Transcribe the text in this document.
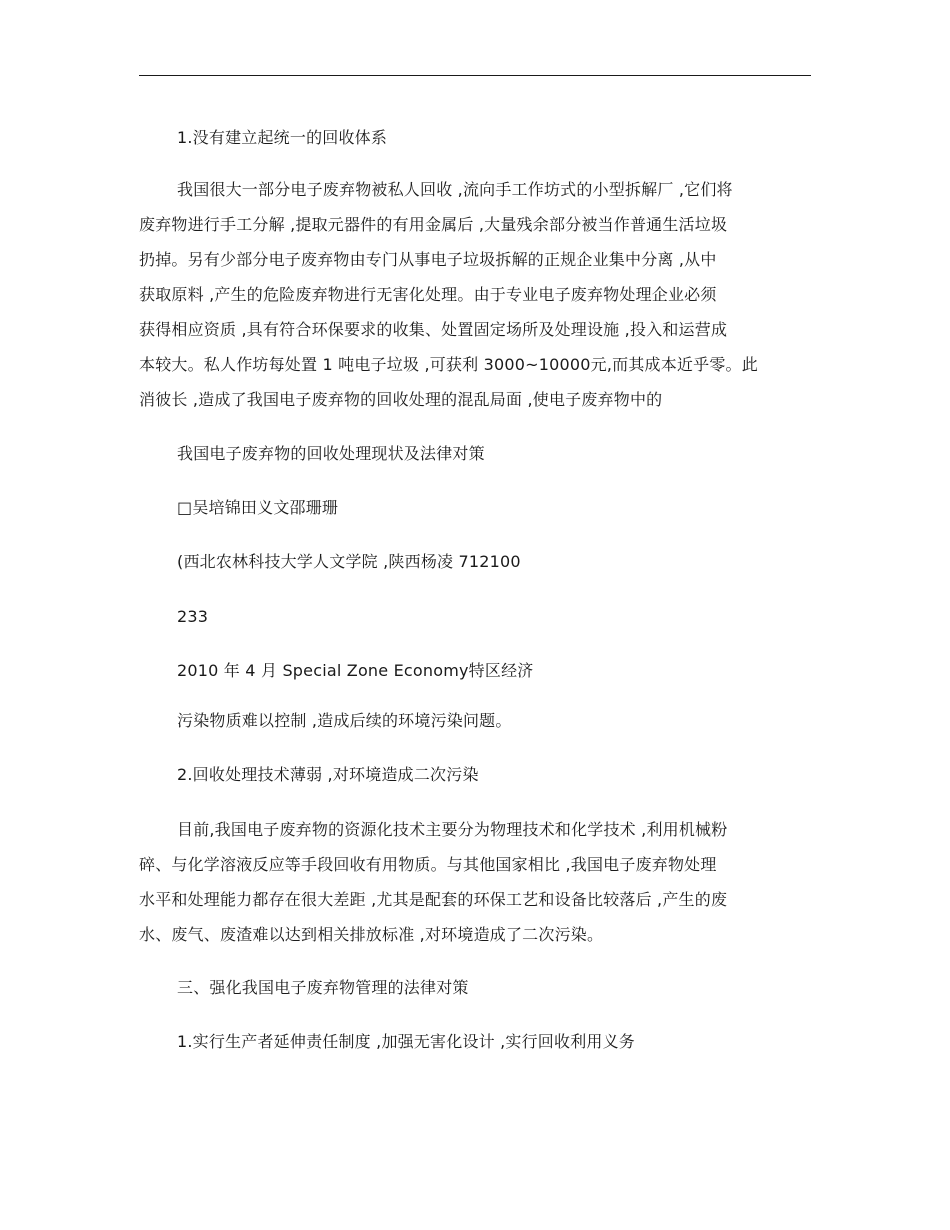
1.没有建立起统一的回收体系
我国很大一部分电子废弃物被私人回收 ,流向手工作坊式的小型拆解厂 ,它们将
废弃物进行手工分解 ,提取元器件的有用金属后 ,大量残余部分被当作普通生活垃圾
扔掉。另有少部分电子废弃物由专门从事电子垃圾拆解的正规企业集中分离 ,从中
获取原料 ,产生的危险废弃物进行无害化处理。由于专业电子废弃物处理企业必须
获得相应资质 ,具有符合环保要求的收集、处置固定场所及处理设施 ,投入和运营成
本较大。私人作坊每处置 1 吨电子垃圾 ,可获利 3000~10000元,而其成本近乎零。此
消彼长 ,造成了我国电子废弃物的回收处理的混乱局面 ,使电子废弃物中的
我国电子废弃物的回收处理现状及法律对策
□吴培锦田义文邵珊珊
(西北农林科技大学人文学院 ,陕西杨凌 712100
233
2010 年 4 月 Special Zone Economy特区经济
污染物质难以控制 ,造成后续的环境污染问题。
2.回收处理技术薄弱 ,对环境造成二次污染
目前,我国电子废弃物的资源化技术主要分为物理技术和化学技术 ,利用机械粉
碎、与化学溶液反应等手段回收有用物质。与其他国家相比 ,我国电子废弃物处理
水平和处理能力都存在很大差距 ,尤其是配套的环保工艺和设备比较落后 ,产生的废
水、废气、废渣难以达到相关排放标准 ,对环境造成了二次污染。
三、强化我国电子废弃物管理的法律对策
1.实行生产者延伸责任制度 ,加强无害化设计 ,实行回收利用义务
